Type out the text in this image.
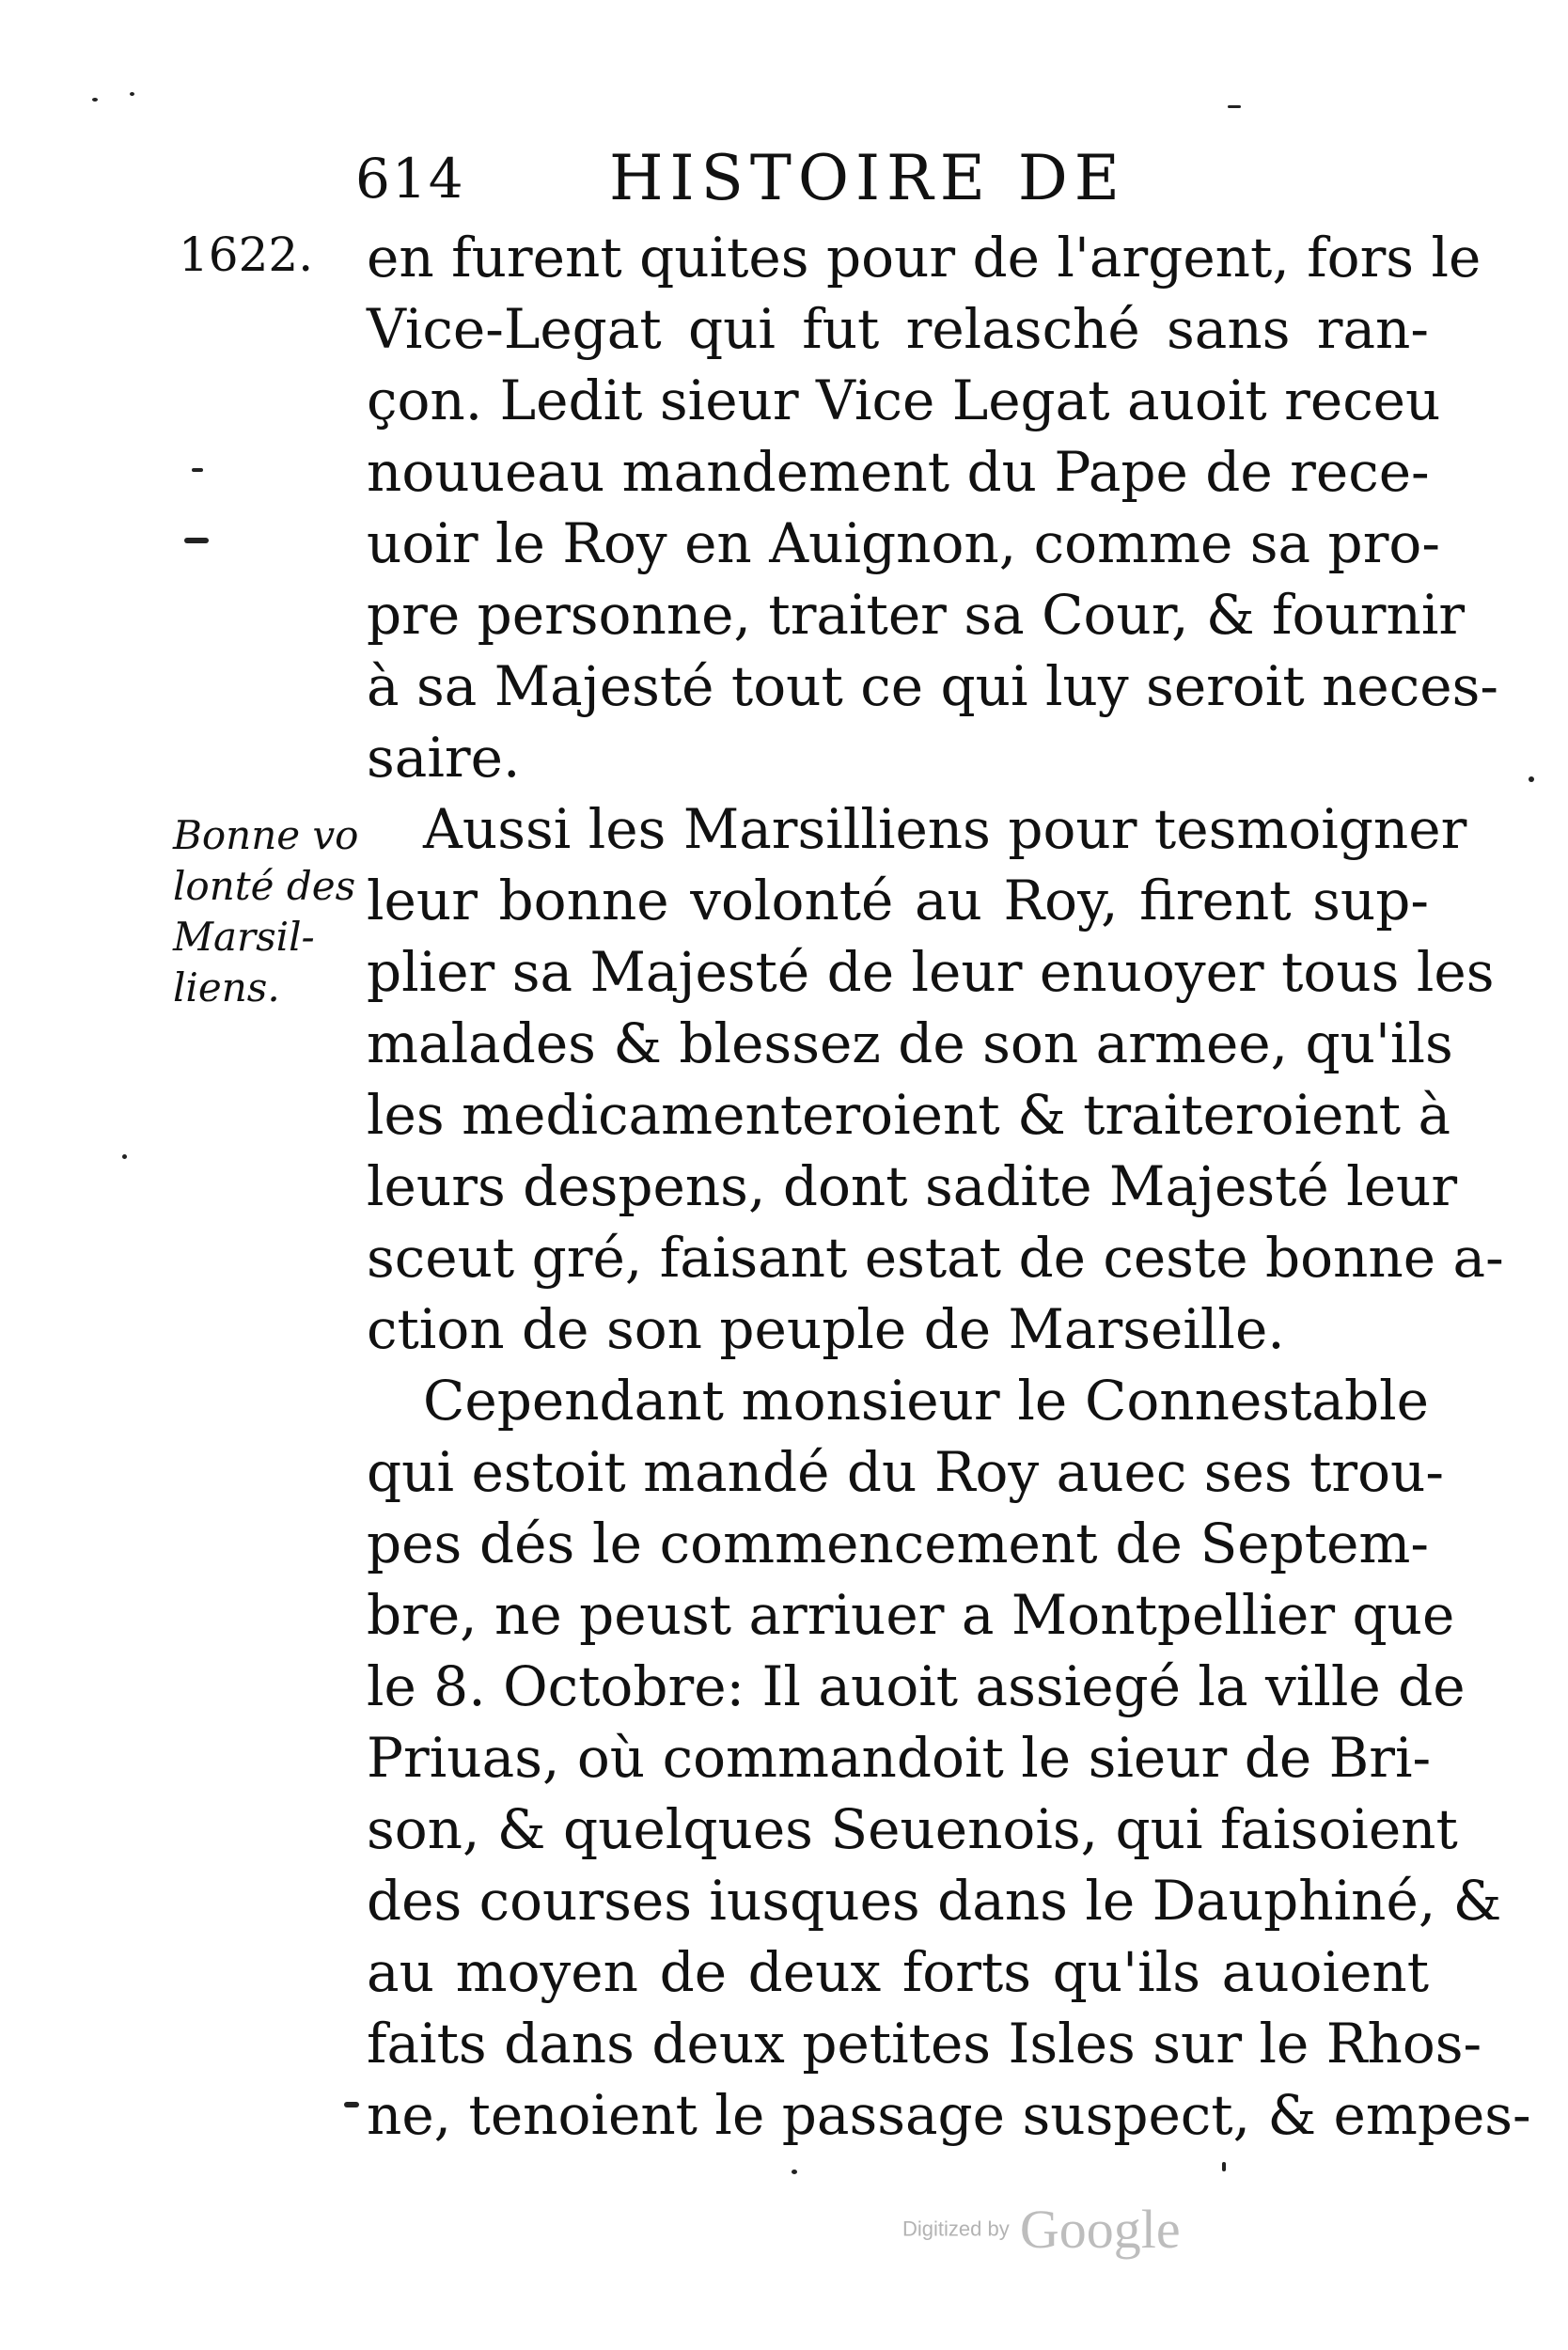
614 HISTOIRE DE
1622.
Bonne vo
lonté des
Marsil-
liens.
en furent quites pour de l'argent, fors le
Vice-Legat qui fut relasché sans ran-
çon. Ledit sieur Vice Legat auoit receu
nouueau mandement du Pape de rece-
uoir le Roy en Auignon, comme sa pro-
pre personne, traiter sa Cour, & fournir
à sa Majesté tout ce qui luy seroit neces-
saire.
Aussi les Marsilliens pour tesmoigner
leur bonne volonté au Roy, firent sup-
plier sa Majesté de leur enuoyer tous les
malades & blessez de son armee, qu'ils
les medicamenteroient & traiteroient à
leurs despens, dont sadite Majesté leur
sceut gré, faisant estat de ceste bonne a-
ction de son peuple de Marseille.
Cependant monsieur le Connestable
qui estoit mandé du Roy auec ses trou-
pes dés le commencement de Septem-
bre, ne peust arriuer a Montpellier que
le 8. Octobre: Il auoit assiegé la ville de
Priuas, où commandoit le sieur de Bri-
son, & quelques Seuenois, qui faisoient
des courses iusques dans le Dauphiné, &
au moyen de deux forts qu'ils auoient
faits dans deux petites Isles sur le Rhos-
ne, tenoient le passage suspect, & empes-
Digitized by Google
